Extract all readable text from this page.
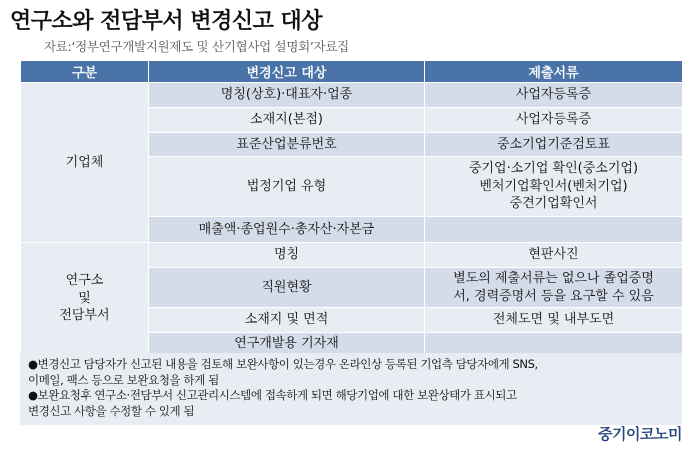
연구소와 전담부서 변경신고 대상
자료:‘정부연구개발지원제도 및 산기협사업 설명회’자료집
구분	변경신고 대상	제출서류
기업체	명칭(상호)·대표자·업종	사업자등록증
	소재지(본점)	사업자등록증
	표준산업분류번호	중소기업기준검토표
	법정기업 유형	중기업·소기업 확인(중소기업)
벤처기업확인서(벤처기업)
중견기업확인서

	매출액·종업원수·총자산·자본금	

연구소
및
전담부서	명칭	현판사진
	직원현황	별도의 제출서류는 없으나 졸업증명
서, 경력증명서 등을 요구할 수 있음

	소재지 및 면적	전체도면 및 내부도면
	연구개발용 기자재	

●변경신고 담당자가 신고된 내용을 검토해 보완사항이 있는경우 온라인상 등록된 기업측 담당자에게 SNS,

이메일, 팩스 등으로 보완요청을 하게 됨

●보완요청후 연구소·전담부서 신고관리시스템에 접속하게 되면 해당기업에 대한 보완상태가 표시되고

변경신고 사항을 수정할 수 있게 됨

중기이코노미
